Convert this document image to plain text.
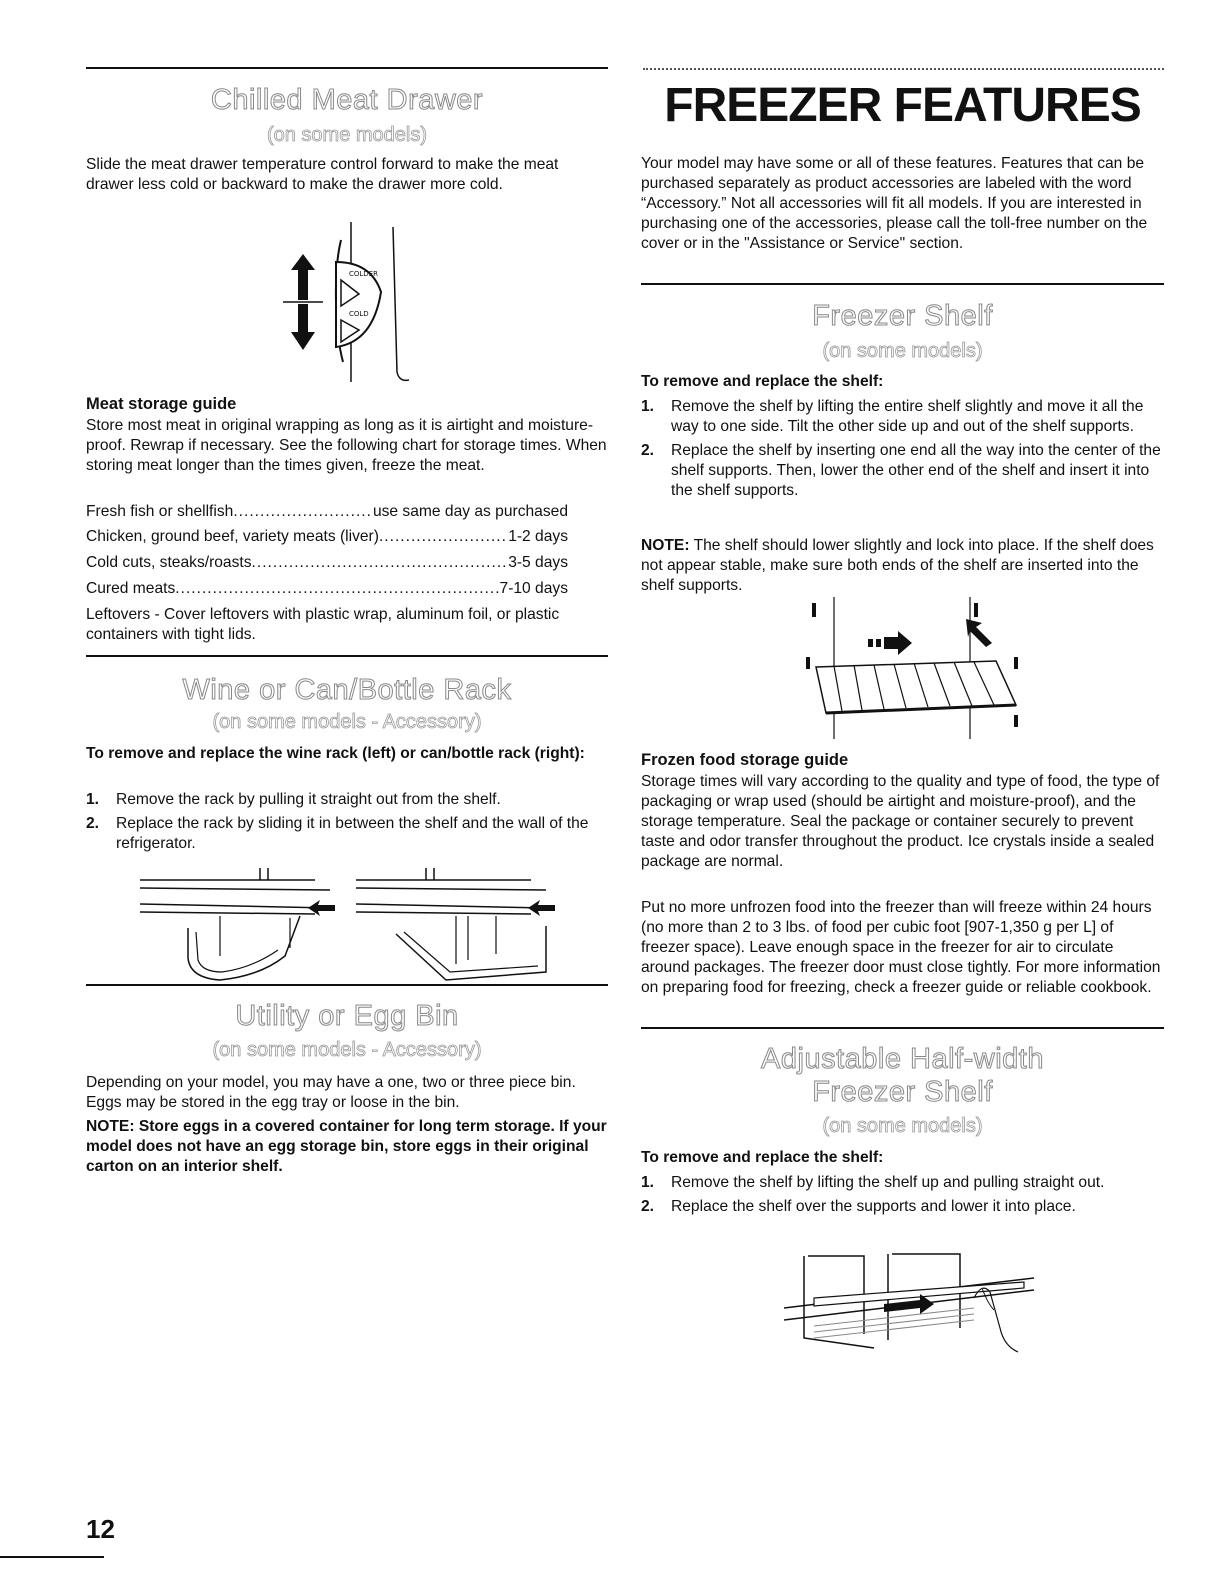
Chilled Meat Drawer
(on some models)

Slide the meat drawer temperature control forward to make the meat drawer less cold or backward to make the drawer more cold.

COLDER
COLD

Meat storage guide

Store most meat in original wrapping as long as it is airtight and moisture-proof. Rewrap if necessary. See the following chart for storage times. When storing meat longer than the times given, freeze the meat.

Fresh fish or shellfish .....	use same day as purchased
Chicken, ground beef, variety meats (liver) .....	1-2 days
Cold cuts, steaks/roasts .....	3-5 days
Cured meats .....	7-10 days

Leftovers - Cover leftovers with plastic wrap, aluminum foil, or plastic containers with tight lids.

Wine or Can/Bottle Rack
(on some models - Accessory)

To remove and replace the wine rack (left) or can/bottle rack (right):

1. Remove the rack by pulling it straight out from the shelf.
2. Replace the rack by sliding it in between the shelf and the wall of the refrigerator.
Utility or Egg Bin
(on some models - Accessory)

Depending on your model, you may have a one, two or three piece bin. Eggs may be stored in the egg tray or loose in the bin.

NOTE: Store eggs in a covered container for long term storage. If your model does not have an egg storage bin, store eggs in their original carton on an interior shelf.

FREEZER FEATURES

Your model may have some or all of these features. Features that can be purchased separately as product accessories are labeled with the word “Accessory.” Not all accessories will fit all models. If you are interested in purchasing one of the accessories, please call the toll-free number on the cover or in the "Assistance or Service" section.

Freezer Shelf
(on some models)

To remove and replace the shelf:

1. Remove the shelf by lifting the entire shelf slightly and move it all the way to one side. Tilt the other side up and out of the shelf supports.
2. Replace the shelf by inserting one end all the way into the center of the shelf supports. Then, lower the other end of the shelf and insert it into the shelf supports.

NOTE: The shelf should lower slightly and lock into place. If the shelf does not appear stable, make sure both ends of the shelf are inserted into the shelf supports.

Frozen food storage guide

Storage times will vary according to the quality and type of food, the type of packaging or wrap used (should be airtight and moisture-proof), and the storage temperature. Seal the package or container securely to prevent taste and odor transfer throughout the product. Ice crystals inside a sealed package are normal.

Put no more unfrozen food into the freezer than will freeze within 24 hours (no more than 2 to 3 lbs. of food per cubic foot [907-1,350 g per L] of freezer space). Leave enough space in the freezer for air to circulate around packages. The freezer door must close tightly. For more information on preparing food for freezing, check a freezer guide or reliable cookbook.

Adjustable Half-width
Freezer Shelf
(on some models)

To remove and replace the shelf:

1. Remove the shelf by lifting the shelf up and pulling straight out.
2. Replace the shelf over the supports and lower it into place.
12
